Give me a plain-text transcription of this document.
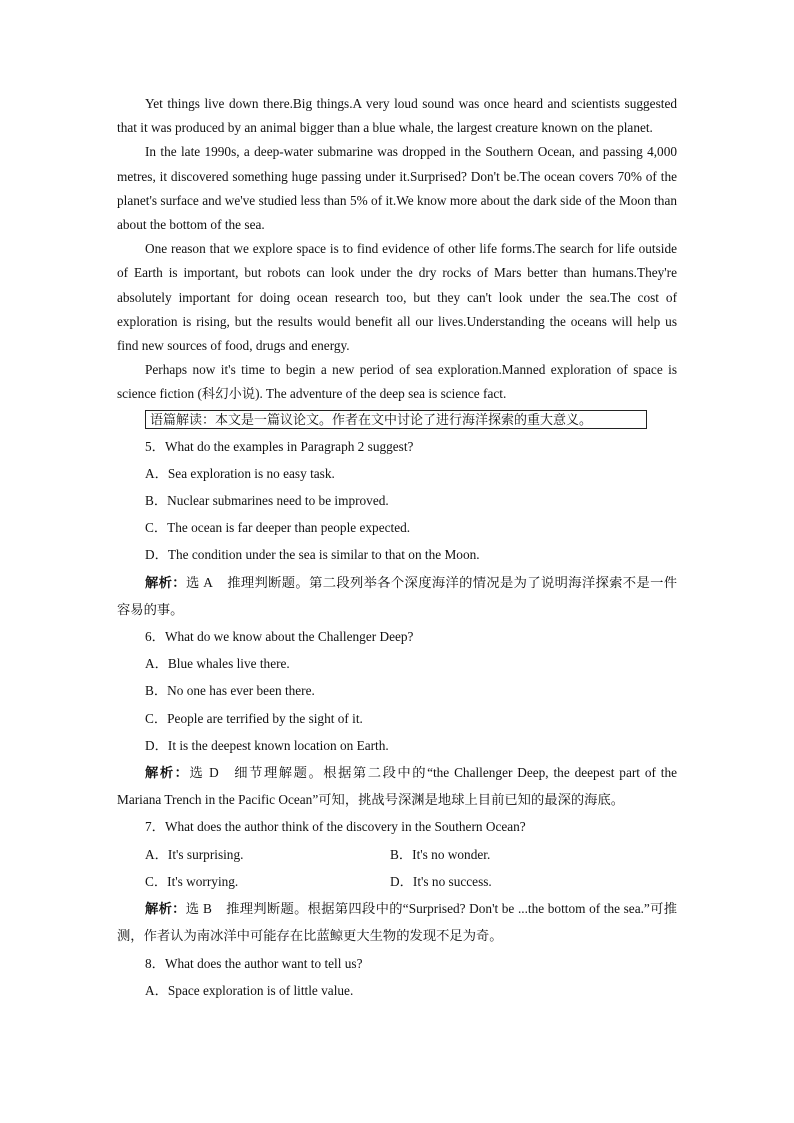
Yet things live down there.Big things.A very loud sound was once heard and scientists suggested that it was produced by an animal bigger than a blue whale, the largest creature known on the planet.

In the late 1990s, a deep-water submarine was dropped in the Southern Ocean, and passing 4,000 metres, it discovered something huge passing under it.Surprised? Don't be.The ocean covers 70% of the planet's surface and we've studied less than 5% of it.We know more about the dark side of the Moon than about the bottom of the sea.

One reason that we explore space is to find evidence of other life forms.The search for life outside of Earth is important, but robots can look under the dry rocks of Mars better than humans.They're absolutely important for doing ocean research too, but they can't look under the sea.The cost of exploration is rising, but the results would benefit all our lives.Understanding the oceans will help us find new sources of food, drugs and energy.

Perhaps now it's time to begin a new period of sea exploration.Manned exploration of space is science fiction (科幻小说). The adventure of the deep sea is science fact.

语篇解读：本文是一篇议论文。作者在文中讨论了进行海洋探索的重大意义。

5．What do the examples in Paragraph 2 suggest?

A．Sea exploration is no easy task.

B．Nuclear submarines need to be improved.

C．The ocean is far deeper than people expected.

D．The condition under the sea is similar to that on the Moon.

解析：选 A 推理判断题。第二段列举各个深度海洋的情况是为了说明海洋探索不是一件容易的事。

6．What do we know about the Challenger Deep?

A．Blue whales live there.

B．No one has ever been there.

C．People are terrified by the sight of it.

D．It is the deepest known location on Earth.

解析：选 D 细节理解题。根据第二段中的“the Challenger Deep, the deepest part of the Mariana Trench in the Pacific Ocean”可知，挑战号深渊是地球上目前已知的最深的海底。

7．What does the author think of the discovery in the Southern Ocean?

A．It's surprising.	B．It's no wonder.
C．It's worrying.	D．It's no success.

解析：选 B 推理判断题。根据第四段中的“Surprised? Don't be ...the bottom of the sea.”可推测，作者认为南冰洋中可能存在比蓝鲸更大生物的发现不足为奇。

8．What does the author want to tell us?

A．Space exploration is of little value.
